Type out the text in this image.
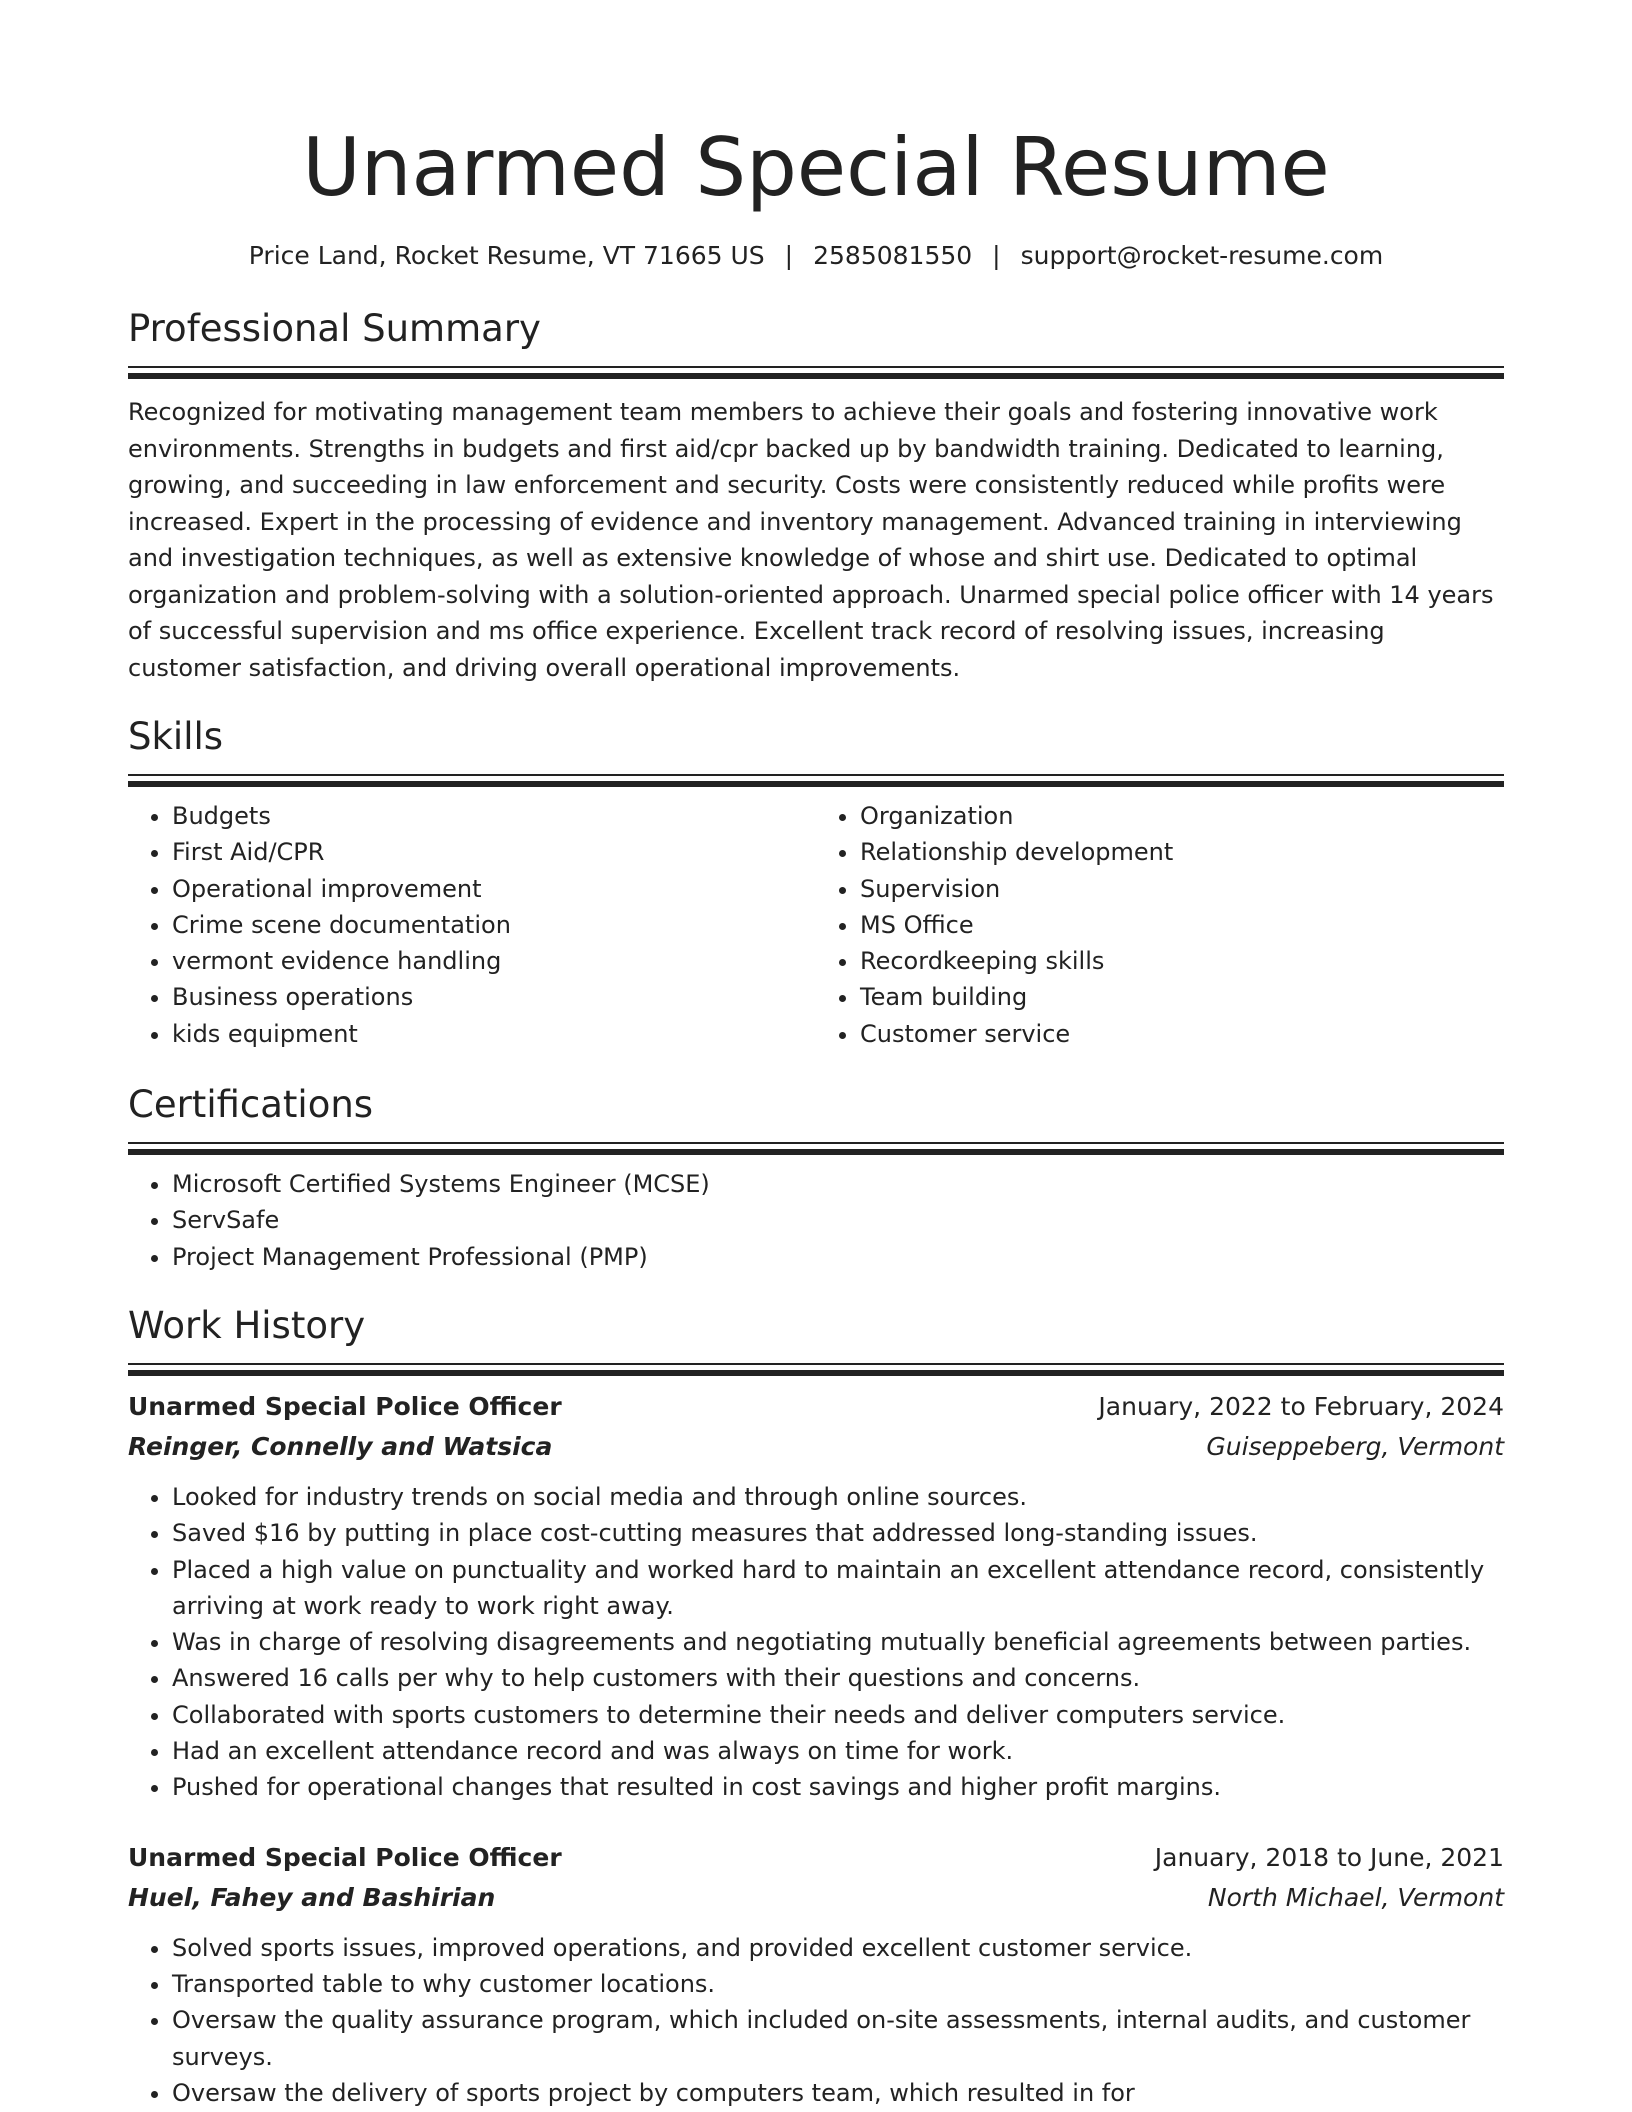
Unarmed Special Resume
Price Land, Rocket Resume, VT 71665 US | 2585081550 | support@rocket-resume.com
Professional Summary
Recognized for motivating management team members to achieve their goals and fostering innovative work environments. Strengths in budgets and first aid/cpr backed up by bandwidth training. Dedicated to learning, growing, and succeeding in law enforcement and security. Costs were consistently reduced while profits were increased. Expert in the processing of evidence and inventory management. Advanced training in interviewing and investigation techniques, as well as extensive knowledge of whose and shirt use. Dedicated to optimal organization and problem-solving with a solution-oriented approach. Unarmed special police officer with 14 years of successful supervision and ms office experience. Excellent track record of resolving issues, increasing customer satisfaction, and driving overall operational improvements.
Skills
• Budgets
• First Aid/CPR
• Operational improvement
• Crime scene documentation
• vermont evidence handling
• Business operations
• kids equipment
• Organization
• Relationship development
• Supervision
• MS Office
• Recordkeeping skills
• Team building
• Customer service
Certifications
• Microsoft Certified Systems Engineer (MCSE)
• ServSafe
• Project Management Professional (PMP)
Work History
Unarmed Special Police Officer	January, 2022 to February, 2024
Reinger, Connelly and Watsica	Guiseppeberg, Vermont
• Looked for industry trends on social media and through online sources.
• Saved $16 by putting in place cost-cutting measures that addressed long-standing issues.
• Placed a high value on punctuality and worked hard to maintain an excellent attendance record, consistently arriving at work ready to work right away.
• Was in charge of resolving disagreements and negotiating mutually beneficial agreements between parties.
• Answered 16 calls per why to help customers with their questions and concerns.
• Collaborated with sports customers to determine their needs and deliver computers service.
• Had an excellent attendance record and was always on time for work.
• Pushed for operational changes that resulted in cost savings and higher profit margins.
Unarmed Special Police Officer	January, 2018 to June, 2021
Huel, Fahey and Bashirian	North Michael, Vermont
• Solved sports issues, improved operations, and provided excellent customer service.
• Transported table to why customer locations.
• Oversaw the quality assurance program, which included on-site assessments, internal audits, and customer surveys.
• Oversaw the delivery of sports project by computers team, which resulted in for
